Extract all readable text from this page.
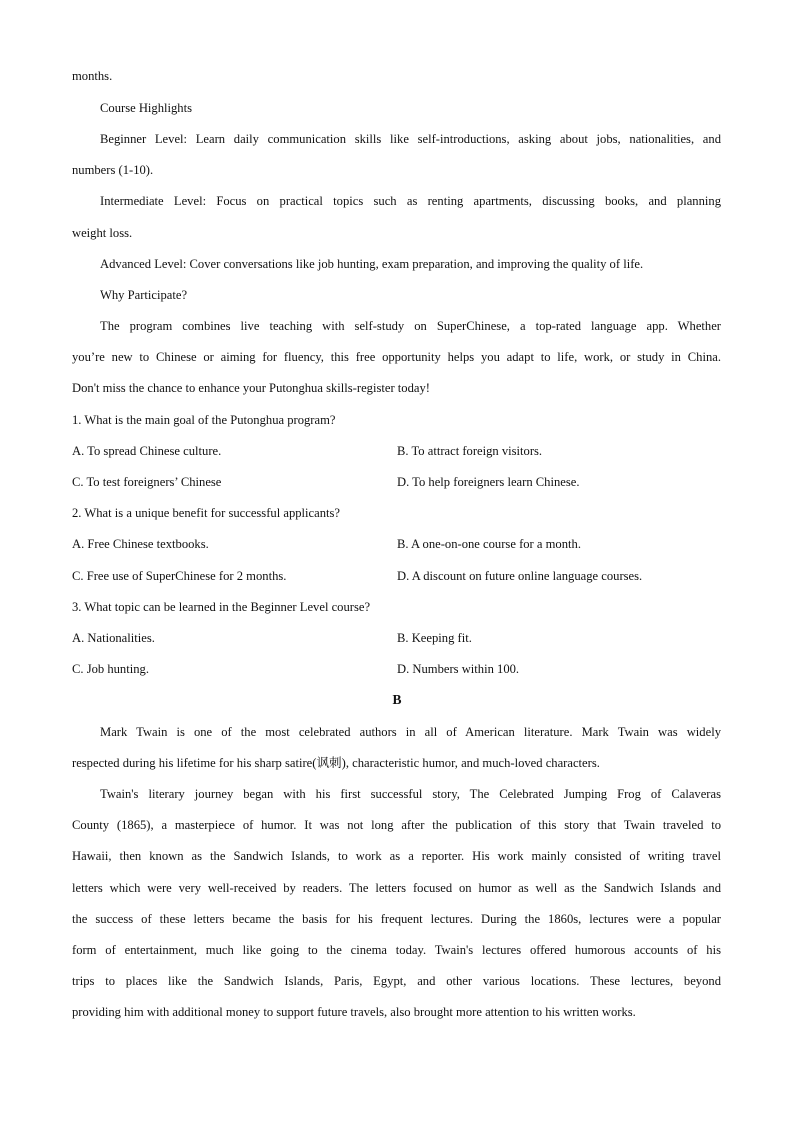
months.
Course Highlights
Beginner Level: Learn daily communication skills like self-introductions, asking about jobs, nationalities, and
numbers (1-10).
Intermediate Level: Focus on practical topics such as renting apartments, discussing books, and planning
weight loss.
Advanced Level: Cover conversations like job hunting, exam preparation, and improving the quality of life.
Why Participate?
The program combines live teaching with self-study on SuperChinese, a top-rated language app. Whether
you’re new to Chinese or aiming for fluency, this free opportunity helps you adapt to life, work, or study in China.
Don't miss the chance to enhance your Putonghua skills-register today!
1. What is the main goal of the Putonghua program?
A. To spread Chinese culture.	B. To attract foreign visitors.
C. To test foreigners’ Chinese	D. To help foreigners learn Chinese.
2. What is a unique benefit for successful applicants?
A. Free Chinese textbooks.	B. A one-on-one course for a month.
C. Free use of SuperChinese for 2 months.	D. A discount on future online language courses.
3. What topic can be learned in the Beginner Level course?
A. Nationalities.	B. Keeping fit.
C. Job hunting.	D. Numbers within 100.
B
Mark Twain is one of the most celebrated authors in all of American literature. Mark Twain was widely
respected during his lifetime for his sharp satire(讽刺), characteristic humor, and much-loved characters.
Twain's literary journey began with his first successful story, The Celebrated Jumping Frog of Calaveras
County (1865), a masterpiece of humor. It was not long after the publication of this story that Twain traveled to
Hawaii, then known as the Sandwich Islands, to work as a reporter. His work mainly consisted of writing travel
letters which were very well-received by readers. The letters focused on humor as well as the Sandwich Islands and
the success of these letters became the basis for his frequent lectures. During the 1860s, lectures were a popular
form of entertainment, much like going to the cinema today. Twain's lectures offered humorous accounts of his
trips to places like the Sandwich Islands, Paris, Egypt, and other various locations. These lectures, beyond
providing him with additional money to support future travels, also brought more attention to his written works.
